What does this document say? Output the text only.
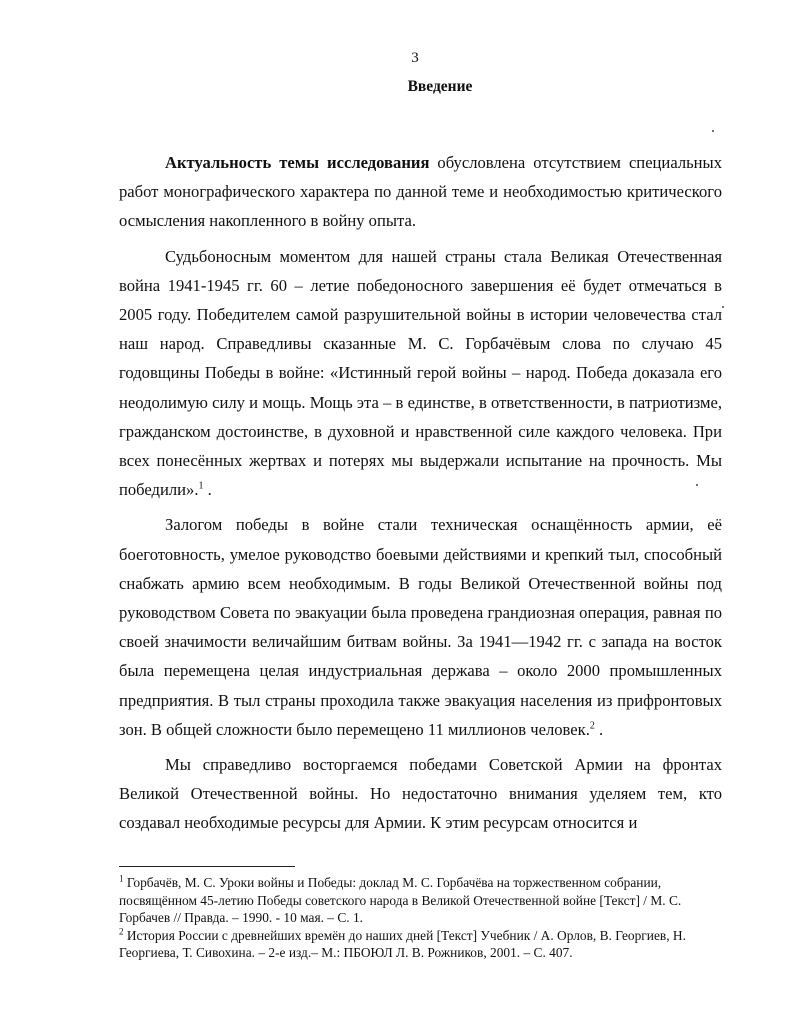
3
Введение

Актуальность темы исследования обусловлена отсутствием специальных работ монографического характера по данной теме и необходимостью критического осмысления накопленного в войну опыта.

Судьбоносным моментом для нашей страны стала Великая Отечественная война 1941-1945 гг. 60 – летие победоносного завершения её будет отмечаться в 2005 году. Победителем самой разрушительной войны в истории человечества стал наш народ. Справедливы сказанные М. С. Горбачёвым слова по случаю 45 годовщины Победы в войне: «Истинный герой войны – народ. Победа доказала его неодолимую силу и мощь. Мощь эта – в единстве, в ответственности, в патриотизме, гражданском достоинстве, в духовной и нравственной силе каждого человека. При всех понесённых жертвах и потерях мы выдержали испытание на прочность. Мы победили».$^1$ .

Залогом победы в войне стали техническая оснащённость армии, её боеготовность, умелое руководство боевыми действиями и крепкий тыл, способный снабжать армию всем необходимым. В годы Великой Отечественной войны под руководством Совета по эвакуации была проведена грандиозная операция, равная по своей значимости величайшим битвам войны. За 1941—1942 гг. с запада на восток была перемещена целая индустриальная держава – около 2000 промышленных предприятия. В тыл страны проходила также эвакуация населения из прифронтовых зон. В общей сложности было перемещено 11 миллионов человек.$^2$ .

Мы справедливо восторгаемся победами Советской Армии на фронтах Великой Отечественной войны. Но недостаточно внимания уделяем тем, кто создавал необходимые ресурсы для Армии. К этим ресурсам относится и

$^1$ Горбачёв, М. С. Уроки войны и Победы: доклад М. С. Горбачёва на торжественном собрании, посвящённом 45-летию Победы советского народа в Великой Отечественной войне [Текст] / М. С. Горбачев // Правда. – 1990. - 10 мая. – С. 1.

$^2$ История России с древнейших времён до наших дней [Текст] Учебник / А. Орлов, В. Георгиев, Н. Георгиева, Т. Сивохина. – 2-е изд.– М.: ПБОЮЛ Л. В. Рожников, 2001. – С. 407.
